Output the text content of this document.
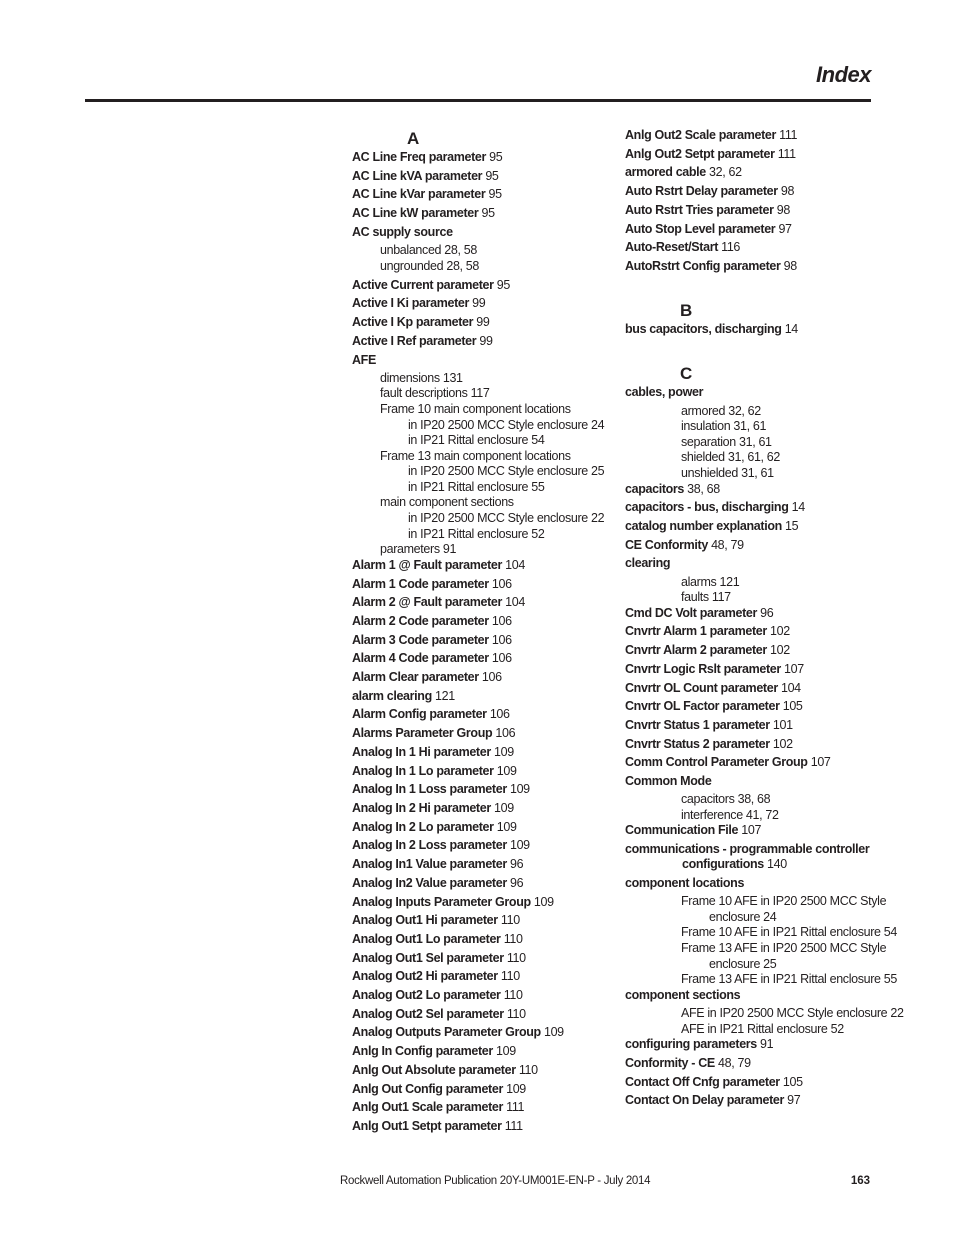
Index
A
AC Line Freq parameter 95
AC Line kVA parameter 95
AC Line kVar parameter 95
AC Line kW parameter 95
AC supply source
unbalanced 28, 58
ungrounded 28, 58
Active Current parameter 95
Active I Ki parameter 99
Active I Kp parameter 99
Active I Ref parameter 99
AFE
dimensions 131
fault descriptions 117
Frame 10 main component locations
in IP20 2500 MCC Style enclosure 24
in IP21 Rittal enclosure 54
Frame 13 main component locations
in IP20 2500 MCC Style enclosure 25
in IP21 Rittal enclosure 55
main component sections
in IP20 2500 MCC Style enclosure 22
in IP21 Rittal enclosure 52
parameters 91
Alarm 1 @ Fault parameter 104
Alarm 1 Code parameter 106
Alarm 2 @ Fault parameter 104
Alarm 2 Code parameter 106
Alarm 3 Code parameter 106
Alarm 4 Code parameter 106
Alarm Clear parameter 106
alarm clearing 121
Alarm Config parameter 106
Alarms Parameter Group 106
Analog In 1 Hi parameter 109
Analog In 1 Lo parameter 109
Analog In 1 Loss parameter 109
Analog In 2 Hi parameter 109
Analog In 2 Lo parameter 109
Analog In 2 Loss parameter 109
Analog In1 Value parameter 96
Analog In2 Value parameter 96
Analog Inputs Parameter Group 109
Analog Out1 Hi parameter 110
Analog Out1 Lo parameter 110
Analog Out1 Sel parameter 110
Analog Out2 Hi parameter 110
Analog Out2 Lo parameter 110
Analog Out2 Sel parameter 110
Analog Outputs Parameter Group 109
Anlg In Config parameter 109
Anlg Out Absolute parameter 110
Anlg Out Config parameter 109
Anlg Out1 Scale parameter 111
Anlg Out1 Setpt parameter 111
Anlg Out2 Scale parameter 111
Anlg Out2 Setpt parameter 111
armored cable 32, 62
Auto Rstrt Delay parameter 98
Auto Rstrt Tries parameter 98
Auto Stop Level parameter 97
Auto-Reset/Start 116
AutoRstrt Config parameter 98
B
bus capacitors, discharging 14
C
cables, power
armored 32, 62
insulation 31, 61
separation 31, 61
shielded 31, 61, 62
unshielded 31, 61
capacitors 38, 68
capacitors - bus, discharging 14
catalog number explanation 15
CE Conformity 48, 79
clearing
alarms 121
faults 117
Cmd DC Volt parameter 96
Cnvrtr Alarm 1 parameter 102
Cnvrtr Alarm 2 parameter 102
Cnvrtr Logic Rslt parameter 107
Cnvrtr OL Count parameter 104
Cnvrtr OL Factor parameter 105
Cnvrtr Status 1 parameter 101
Cnvrtr Status 2 parameter 102
Comm Control Parameter Group 107
Common Mode
capacitors 38, 68
interference 41, 72
Communication File 107
communications - programmable controller
configurations 140
component locations
Frame 10 AFE in IP20 2500 MCC Style
enclosure 24
Frame 10 AFE in IP21 Rittal enclosure 54
Frame 13 AFE in IP20 2500 MCC Style
enclosure 25
Frame 13 AFE in IP21 Rittal enclosure 55
component sections
AFE in IP20 2500 MCC Style enclosure 22
AFE in IP21 Rittal enclosure 52
configuring parameters 91
Conformity - CE 48, 79
Contact Off Cnfg parameter 105
Contact On Delay parameter 97
Rockwell Automation Publication 20Y-UM001E-EN-P - July 2014	163
